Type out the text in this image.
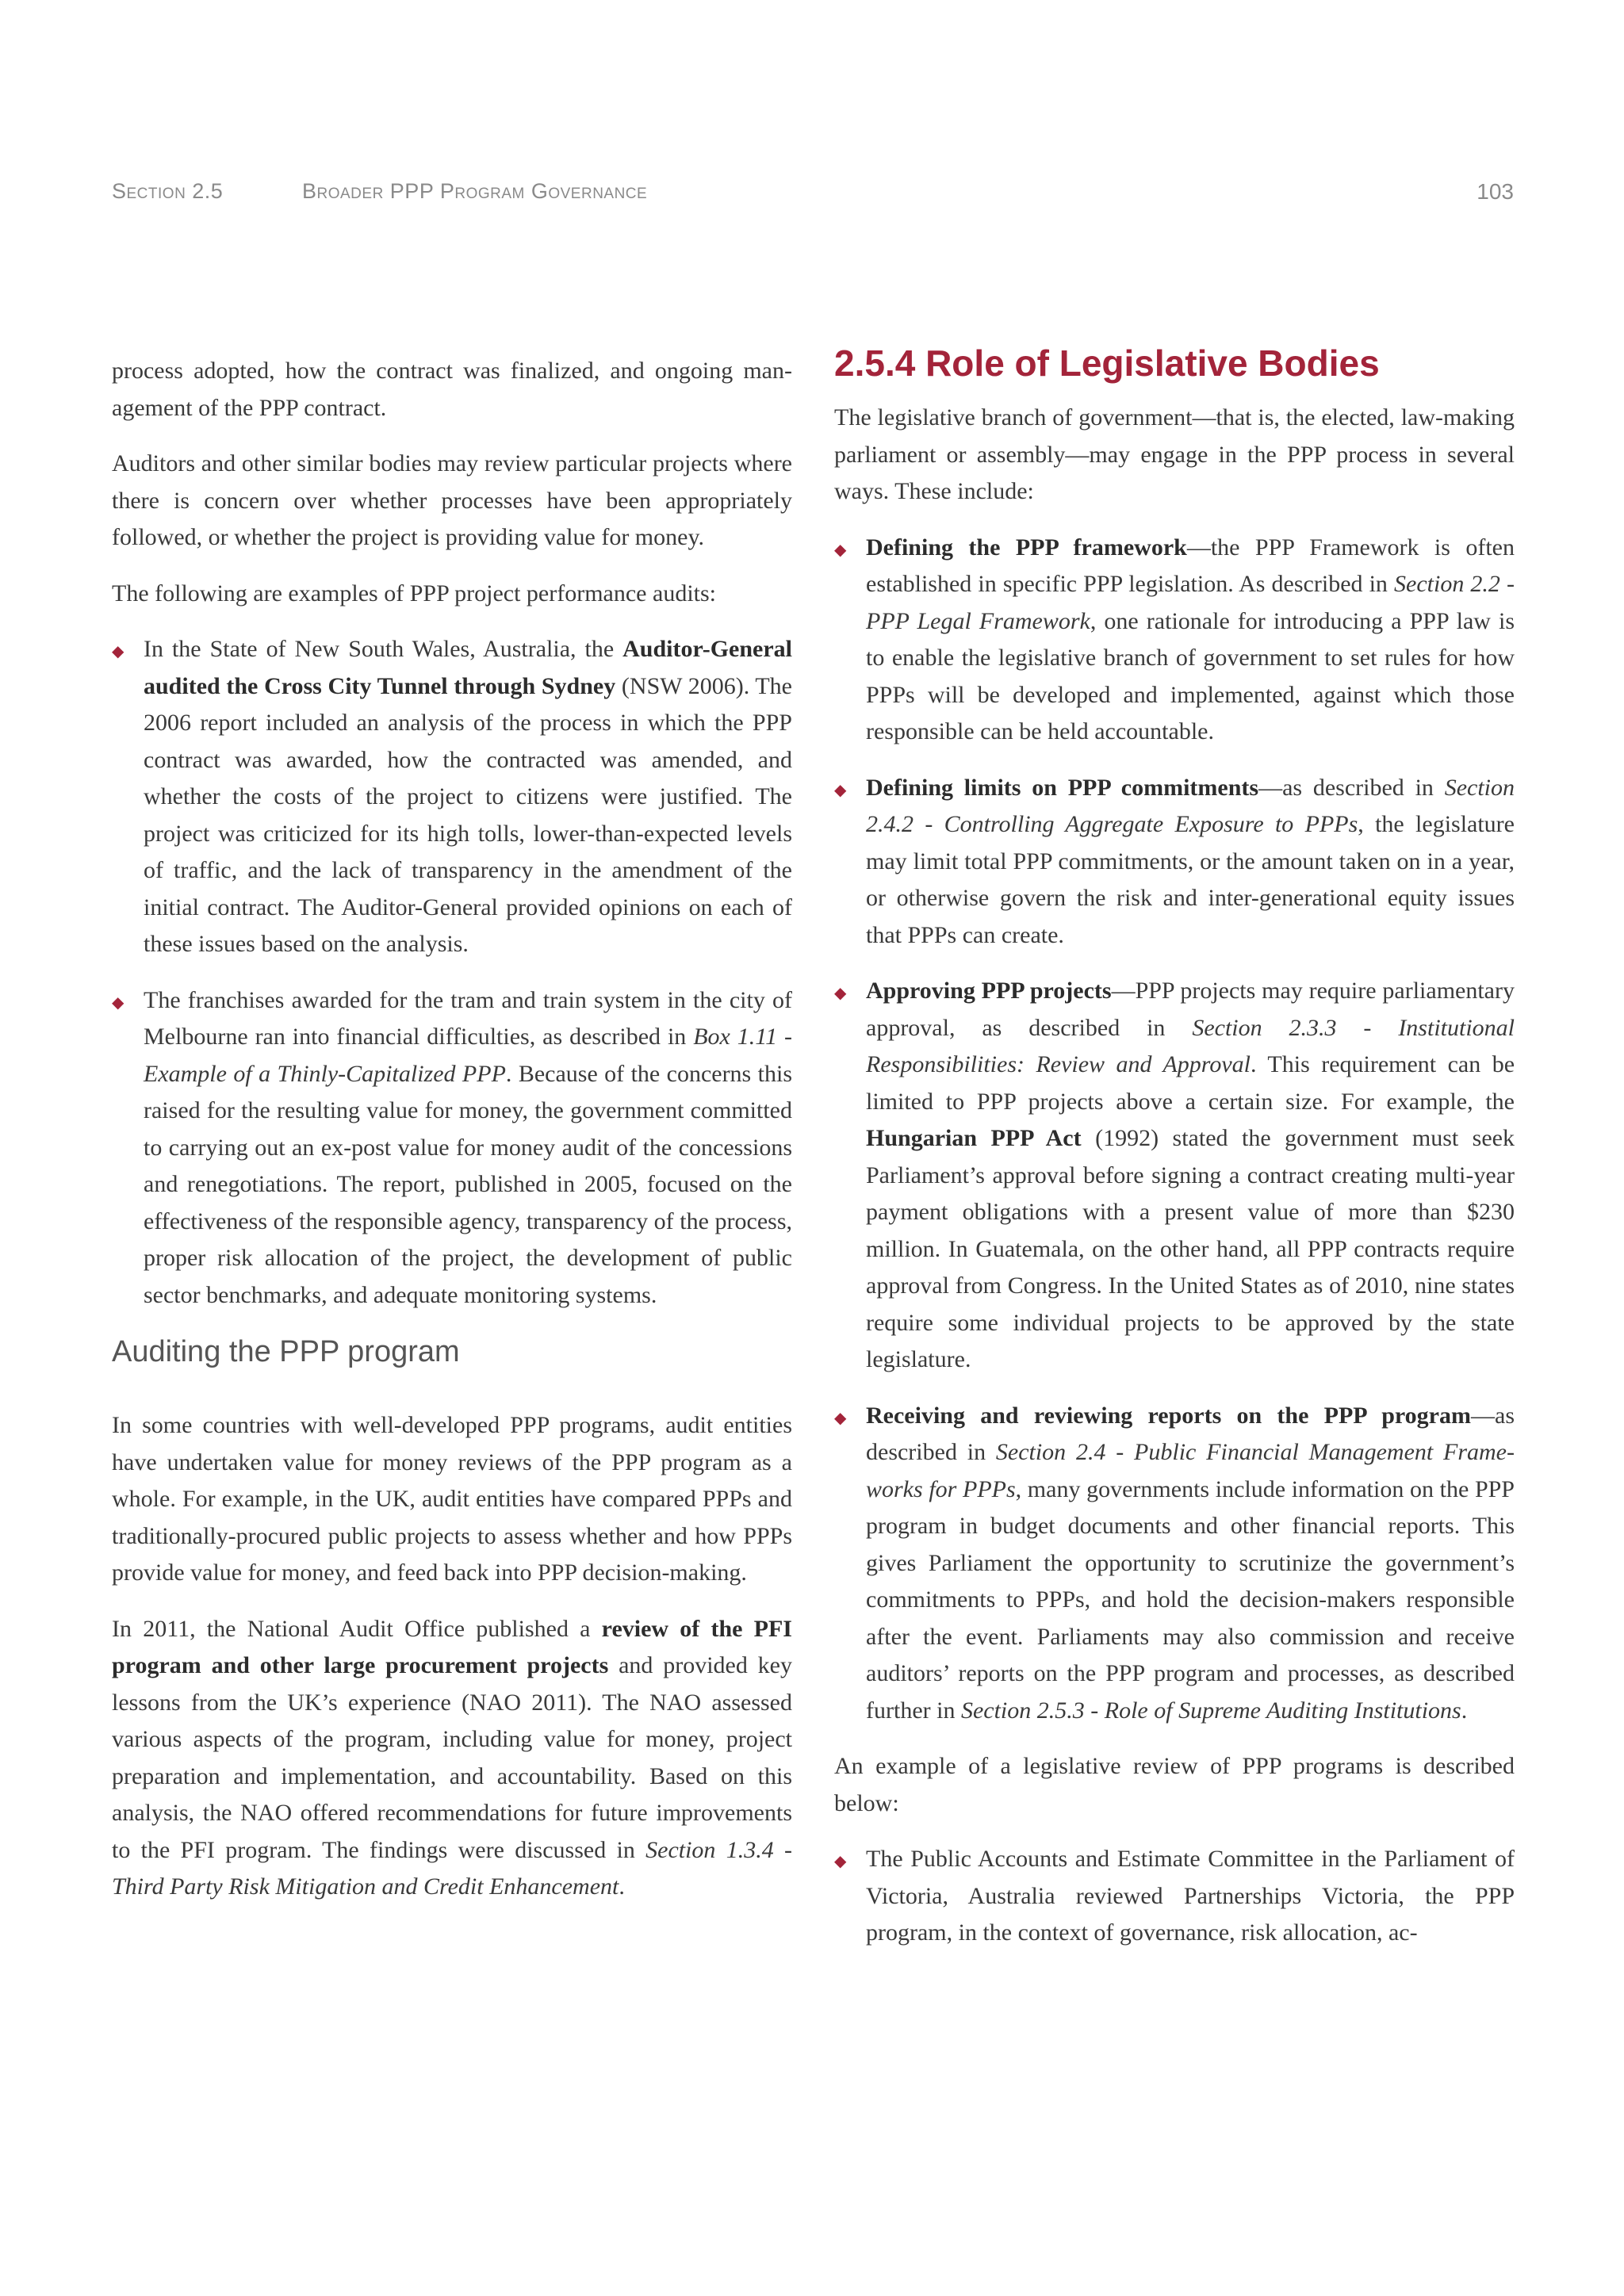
Section 2.5	Broader PPP Program Governance	103

process adopted, how the contract was finalized, and ongoing management of the PPP contract.

Auditors and other similar bodies may review particular projects where there is concern over whether processes have been appropriately followed, or whether the project is providing value for money.

The following are examples of PPP project performance audits:

◆ In the State of New South Wales, Australia, the Auditor-General audited the Cross City Tunnel through Sydney (NSW 2006). The 2006 report included an analysis of the process in which the PPP contract was awarded, how the contracted was amended, and whether the costs of the project to citizens were justified. The project was criticized for its high tolls, lower-than-expected levels of traffic, and the lack of transparency in the amendment of the initial contract. The Auditor-General provided opinions on each of these issues based on the analysis.
◆ The franchises awarded for the tram and train system in the city of Melbourne ran into financial difficulties, as described in Box 1.11 - Example of a Thinly-Capitalized PPP. Because of the concerns this raised for the resulting value for money, the government committed to carrying out an ex-post value for money audit of the concessions and renegotiations. The report, published in 2005, focused on the effectiveness of the responsible agency, transparency of the process, proper risk allocation of the project, the development of public sector benchmarks, and adequate monitoring systems.
Auditing the PPP program

In some countries with well-developed PPP programs, audit entities have undertaken value for money reviews of the PPP program as a whole. For example, in the UK, audit entities have compared PPPs and traditionally-procured public projects to assess whether and how PPPs provide value for money, and feed back into PPP decision-making.

In 2011, the National Audit Office published a review of the PFI program and other large procurement projects and provided key lessons from the UK’s experience (NAO 2011). The NAO assessed various aspects of the program, including value for money, project preparation and implementation, and accountability. Based on this analysis, the NAO offered recommendations for future improvements to the PFI program. The findings were discussed in Section 1.3.4 - Third Party Risk Mitigation and Credit Enhancement.

2.5.4 Role of Legislative Bodies

The legislative branch of government—that is, the elected, law-making parliament or assembly—may engage in the PPP process in several ways. These include:

◆ Defining the PPP framework—the PPP Framework is often established in specific PPP legislation. As described in Section 2.2 - PPP Legal Framework, one rationale for introducing a PPP law is to enable the legislative branch of government to set rules for how PPPs will be developed and implemented, against which those responsible can be held accountable.
◆ Defining limits on PPP commitments—as described in Section 2.4.2 - Controlling Aggregate Exposure to PPPs, the legislature may limit total PPP commitments, or the amount taken on in a year, or otherwise govern the risk and inter-generational equity issues that PPPs can create.
◆ Approving PPP projects—PPP projects may require parliamentary approval, as described in Section 2.3.3 - Institutional Responsibilities: Review and Approval. This requirement can be limited to PPP projects above a certain size. For example, the Hungarian PPP Act (1992) stated the government must seek Parliament’s approval before signing a contract creating multi-year payment obligations with a present value of more than $230 million. In Guatemala, on the other hand, all PPP contracts require approval from Congress. In the United States as of 2010, nine states require some individual projects to be approved by the state legislature.
◆ Receiving and reviewing reports on the PPP program—as described in Section 2.4 - Public Financial Management Frameworks for PPPs, many governments include information on the PPP program in budget documents and other financial reports. This gives Parliament the opportunity to scrutinize the government’s commitments to PPPs, and hold the decision-makers responsible after the event. Parliaments may also commission and receive auditors’ reports on the PPP program and processes, as described further in Section 2.5.3 - Role of Supreme Auditing Institutions.

An example of a legislative review of PPP programs is described below:

◆ The Public Accounts and Estimate Committee in the Parliament of Victoria, Australia reviewed Partnerships Victoria, the PPP program, in the context of governance, risk allocation, ac-
